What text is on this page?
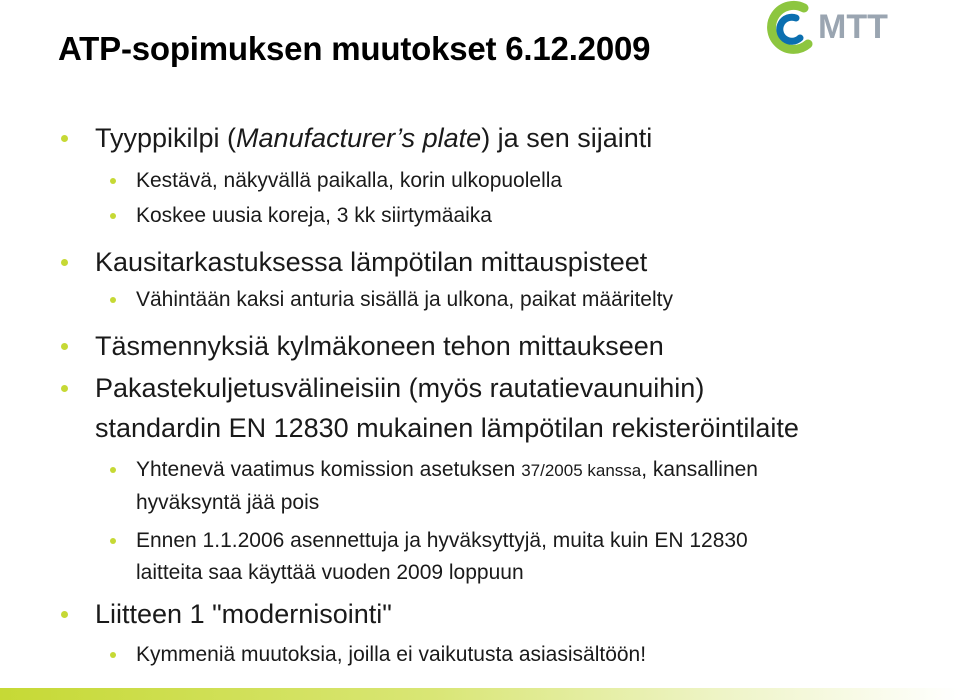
MTT
ATP-sopimuksen muutokset 6.12.2009
Tyyppikilpi (Manufacturer’s plate) ja sen sijainti
Kestävä, näkyvällä paikalla, korin ulkopuolella
Koskee uusia koreja, 3 kk siirtymäaika
Kausitarkastuksessa lämpötilan mittauspisteet
Vähintään kaksi anturia sisällä ja ulkona, paikat määritelty
Täsmennyksiä kylmäkoneen tehon mittaukseen
Pakastekuljetusvälineisiin (myös rautatievaunuihin)
standardin EN 12830 mukainen lämpötilan rekisteröintilaite
Yhtenevä vaatimus komission asetuksen 37/2005 kanssa, kansallinen
hyväksyntä jää pois
Ennen 1.1.2006 asennettuja ja hyväksyttyjä, muita kuin EN 12830
laitteita saa käyttää vuoden 2009 loppuun
Liitteen 1 "modernisointi"
Kymmeniä muutoksia, joilla ei vaikutusta asiasisältöön!
